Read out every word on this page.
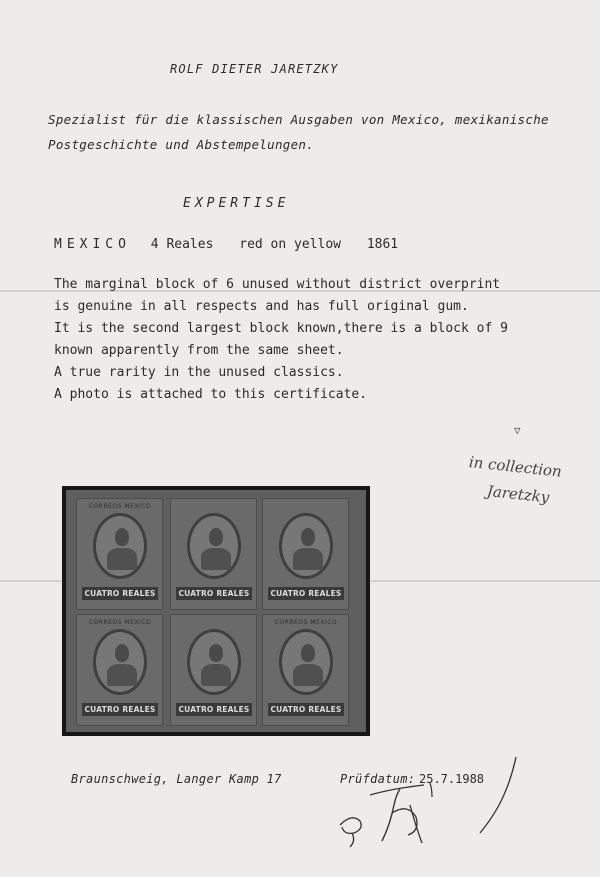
ROLF DIETER JARETZKY
Spezialist für die klassischen Ausgaben von Mexico, mexikanische
Postgeschichte und Abstempelungen.
EXPERTISE
MEXICO 4 Reales red on yellow 1861
The marginal block of 6 unused without district overprint
is genuine in all respects and has full original gum.
It is the second largest block known,there is a block of 9
known apparently from the same sheet.
A true rarity in the unused classics.
A photo is attached to this certificate.
▽
in collection
Jaretzky
CORREOS MEXICO
CUATRO REALES	CUATRO REALES	CUATRO REALES
CORREOS MEXICO
CUATRO REALES	CUATRO REALES
CORREOS MEXICO
CUATRO REALES
Braunschweig, Langer Kamp 17	Prüfdatum: 25.7.1988
